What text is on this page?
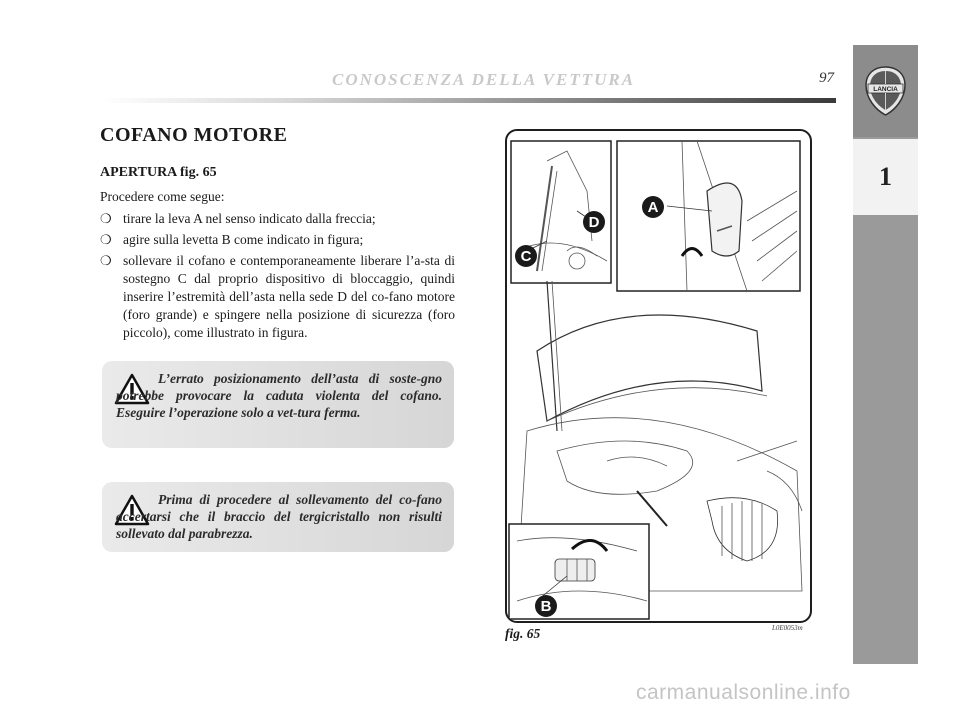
CONOSCENZA DELLA VETTURA	97
LANCIA
1
COFANO MOTORE
APERTURA fig. 65

Procedere come segue:

❍ tirare la leva A nel senso indicato dalla freccia;
❍ agire sulla levetta B come indicato in figura;
❍ sollevare il cofano e contemporaneamente liberare l’a-sta di sostegno C dal proprio dispositivo di bloccaggio, quindi inserire l’estremità dell’asta nella sede D del co-fano motore (foro grande) e spingere nella posizione di sicurezza (foro piccolo), come illustrato in figura.
L’errato posizionamento dell’asta di soste-gno potrebbe provocare la caduta violenta del cofano. Eseguire l’operazione solo a vet-tura ferma.
Prima di procedere al sollevamento del co-fano accertarsi che il braccio del tergicristallo non risulti sollevato dal parabrezza.
A
B
C
D
fig. 65	L0E0053m
carmanualsonline.info
